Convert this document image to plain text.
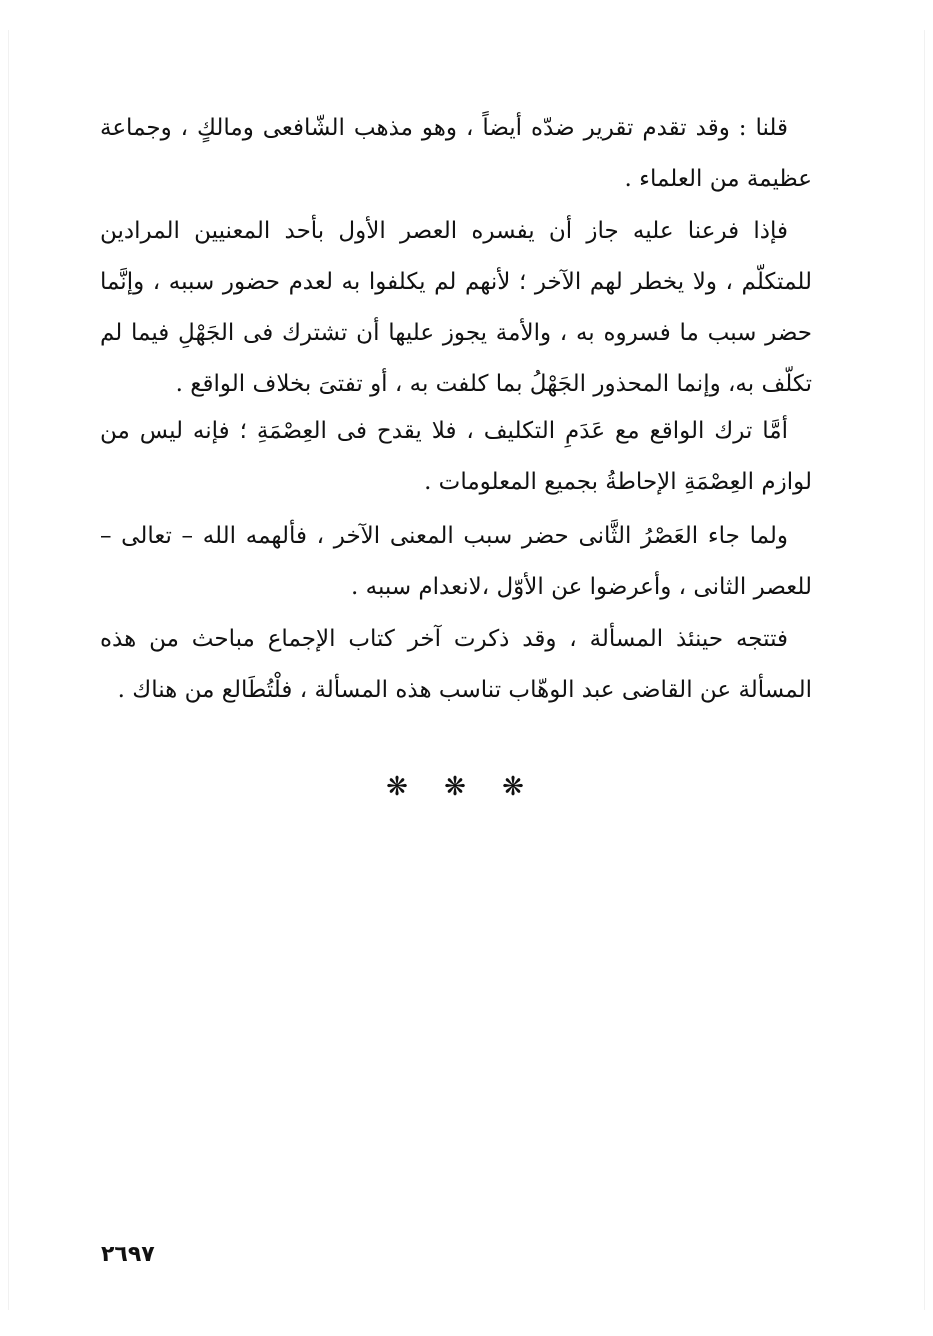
قلنا : وقد تقدم تقرير ضدّه أيضاً ، وهو مذهب الشّافعى ومالكٍ ، وجماعة عظيمة من العلماء .

فإذا فرعنا عليه جاز أن يفسره العصر الأول بأحد المعنيين المرادين للمتكلّم ، ولا يخطر لهم الآخر ؛ لأنهم لم يكلفوا به لعدم حضور سببه ، وإنَّما حضر سبب ما فسروه به ، والأمة يجوز عليها أن تشترك فى الجَهْلِ فيما لم تكلّف به، وإنما المحذور الجَهْلُ بما كلفت به ، أو تفتىَ بخلاف الواقع .

أمَّا ترك الواقع مع عَدَمِ التكليف ، فلا يقدح فى العِصْمَةِ ؛ فإنه ليس من لوازم العِصْمَةِ الإحاطةُ بجميع المعلومات .

ولما جاء العَصْرُ الثَّانى حضر سبب المعنى الآخر ، فألهمه الله – تعالى – للعصر الثانى ، وأعرضوا عن الأوّل ،لانعدام سببه .

فتتجه حينئذ المسألة ، وقد ذكرت آخر كتاب الإجماع مباحث من هذه المسألة عن القاضى عبد الوهّاب تناسب هذه المسألة ، فلْتُطَالع من هناك .

❋ ❋ ❋
٢٦٩٧
